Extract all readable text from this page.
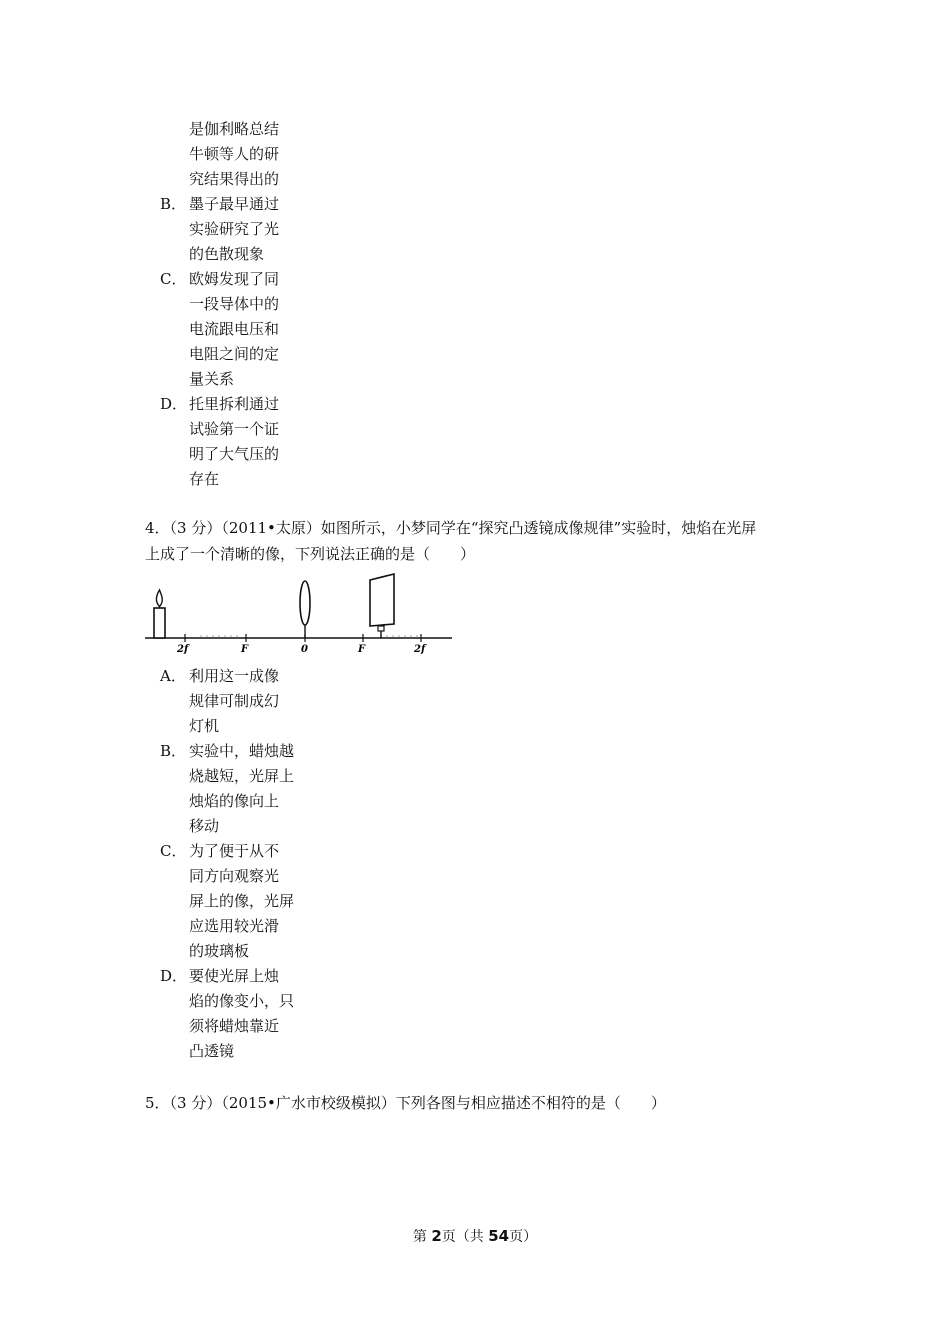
是伽利略总结
牛顿等人的研
究结果得出的
B． 墨子最早通过
实验研究了光
的色散现象
C． 欧姆发现了同
一段导体中的
电流跟电压和
电阻之间的定
量关系
D． 托里拆利通过
试验第一个证
明了大气压的
存在
4．（3 分）（2011•太原）如图所示，小梦同学在“探究凸透镜成像规律”实验时，烛焰在光屏
上成了一个清晰的像，下列说法正确的是（　　）
2f	F	0	F	2f
A． 利用这一成像
规律可制成幻
灯机
B． 实验中，蜡烛越
烧越短，光屏上
烛焰的像向上
移动
C． 为了便于从不
同方向观察光
屏上的像，光屏
应选用较光滑
的玻璃板
D． 要使光屏上烛
焰的像变小，只
须将蜡烛靠近
凸透镜
5．（3 分）（2015•广水市校级模拟）下列各图与相应描述不相符的是（　　）
第 2页（共 54页）
